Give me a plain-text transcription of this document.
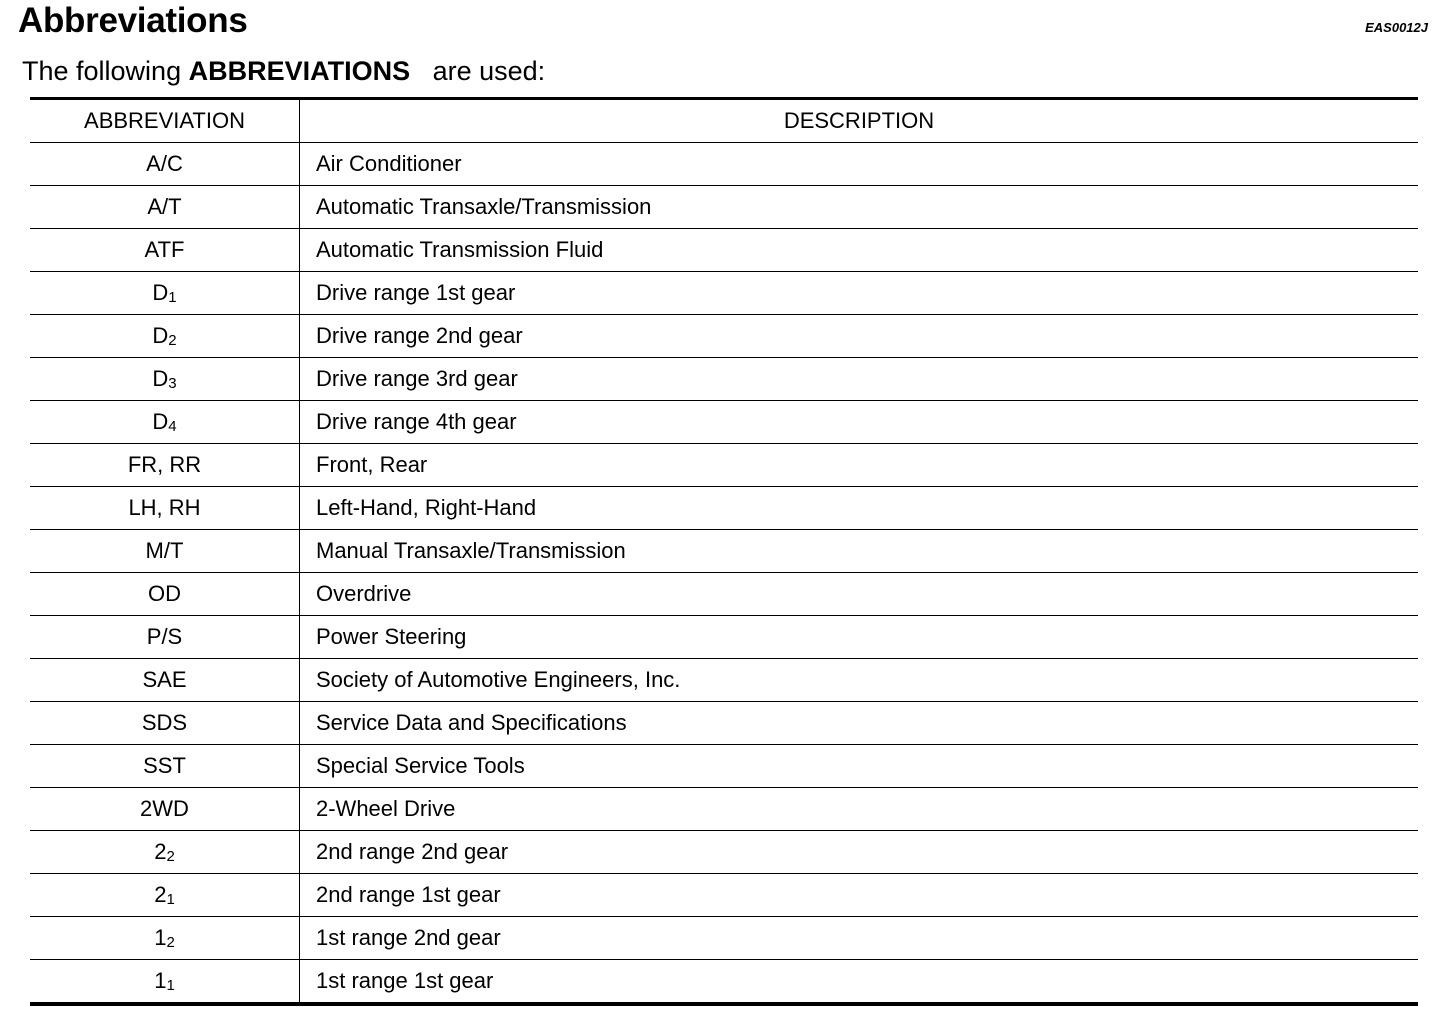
Abbreviations	EAS0012J
The following ABBREVIATIONS   are used:
ABBREVIATION	DESCRIPTION
A/C	Air Conditioner
A/T	Automatic Transaxle/Transmission
ATF	Automatic Transmission Fluid
D1	Drive range 1st gear
D2	Drive range 2nd gear
D3	Drive range 3rd gear
D4	Drive range 4th gear
FR, RR	Front, Rear
LH, RH	Left-Hand, Right-Hand
M/T	Manual Transaxle/Transmission
OD	Overdrive
P/S	Power Steering
SAE	Society of Automotive Engineers, Inc.
SDS	Service Data and Specifications
SST	Special Service Tools
2WD	2-Wheel Drive
22	2nd range 2nd gear
21	2nd range 1st gear
12	1st range 2nd gear
11	1st range 1st gear
